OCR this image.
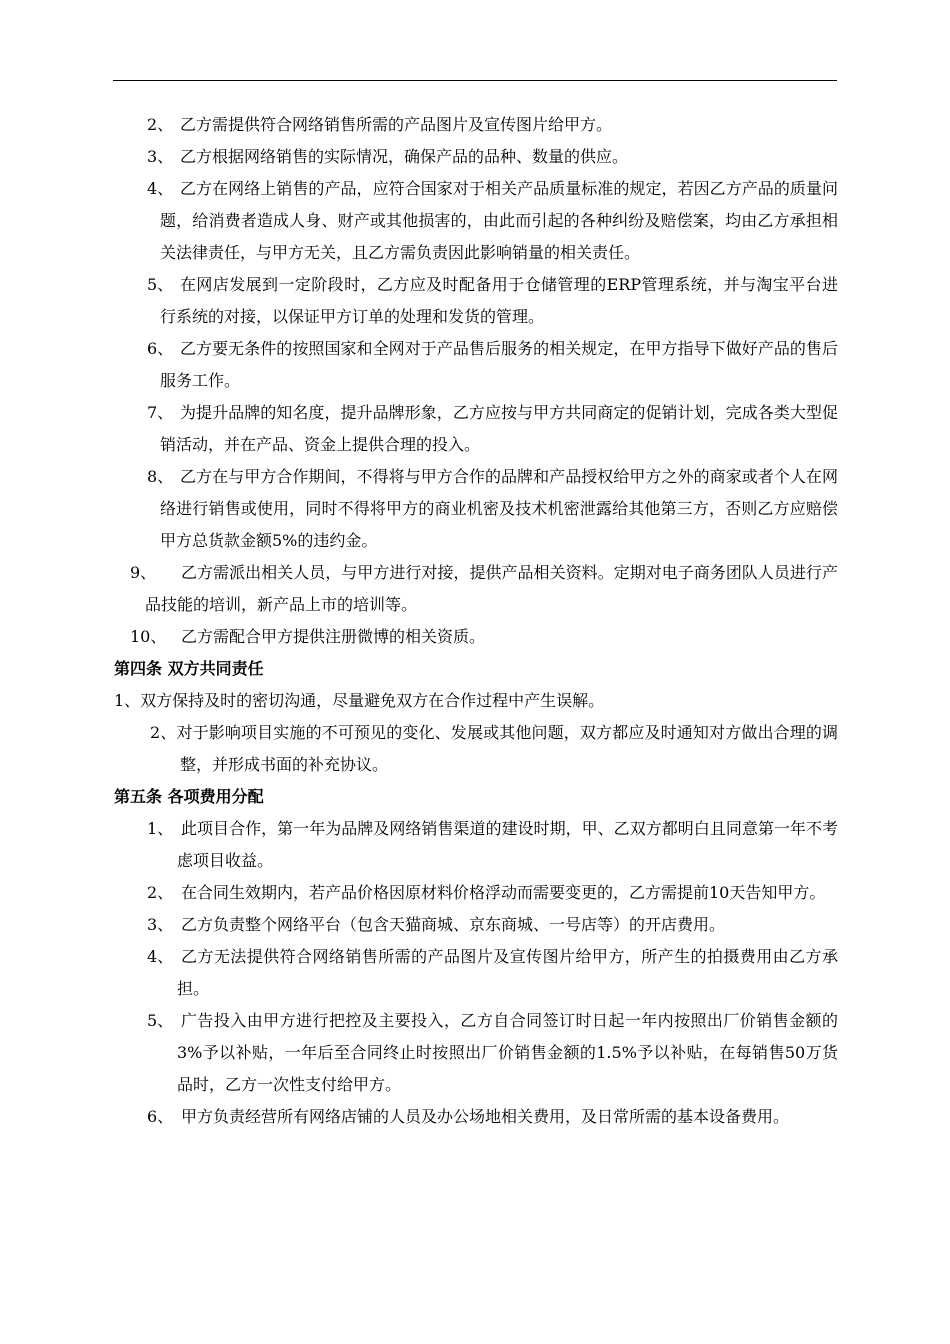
2、 乙方需提供符合网络销售所需的产品图片及宣传图片给甲方。
3、 乙方根据网络销售的实际情况，确保产品的品种、数量的供应。
4、 乙方在网络上销售的产品，应符合国家对于相关产品质量标准的规定，若因乙方产品的质量问题，给消费者造成人身、财产或其他损害的，由此而引起的各种纠纷及赔偿案，均由乙方承担相关法律责任，与甲方无关，且乙方需负责因此影响销量的相关责任。
5、 在网店发展到一定阶段时，乙方应及时配备用于仓储管理的ERP管理系统，并与淘宝平台进行系统的对接，以保证甲方订单的处理和发货的管理。
6、 乙方要无条件的按照国家和全网对于产品售后服务的相关规定，在甲方指导下做好产品的售后服务工作。
7、 为提升品牌的知名度，提升品牌形象，乙方应按与甲方共同商定的促销计划，完成各类大型促销活动，并在产品、资金上提供合理的投入。
8、 乙方在与甲方合作期间，不得将与甲方合作的品牌和产品授权给甲方之外的商家或者个人在网络进行销售或使用，同时不得将甲方的商业机密及技术机密泄露给其他第三方，否则乙方应赔偿甲方总货款金额5%的违约金。
9、 乙方需派出相关人员，与甲方进行对接，提供产品相关资料。定期对电子商务团队人员进行产品技能的培训，新产品上市的培训等。
10、 乙方需配合甲方提供注册微博的相关资质。
第四条 双方共同责任
1、双方保持及时的密切沟通，尽量避免双方在合作过程中产生误解。
2、对于影响项目实施的不可预见的变化、发展或其他问题，双方都应及时通知对方做出合理的调整，并形成书面的补充协议。
第五条 各项费用分配
1、 此项目合作，第一年为品牌及网络销售渠道的建设时期，甲、乙双方都明白且同意第一年不考虑项目收益。
2、 在合同生效期内，若产品价格因原材料价格浮动而需要变更的，乙方需提前10天告知甲方。
3、 乙方负责整个网络平台（包含天猫商城、京东商城、一号店等）的开店费用。
4、 乙方无法提供符合网络销售所需的产品图片及宣传图片给甲方，所产生的拍摄费用由乙方承担。
5、 广告投入由甲方进行把控及主要投入，乙方自合同签订时日起一年内按照出厂价销售金额的3%予以补贴，一年后至合同终止时按照出厂价销售金额的1.5%予以补贴，在每销售50万货品时，乙方一次性支付给甲方。
6、 甲方负责经营所有网络店铺的人员及办公场地相关费用，及日常所需的基本设备费用。
